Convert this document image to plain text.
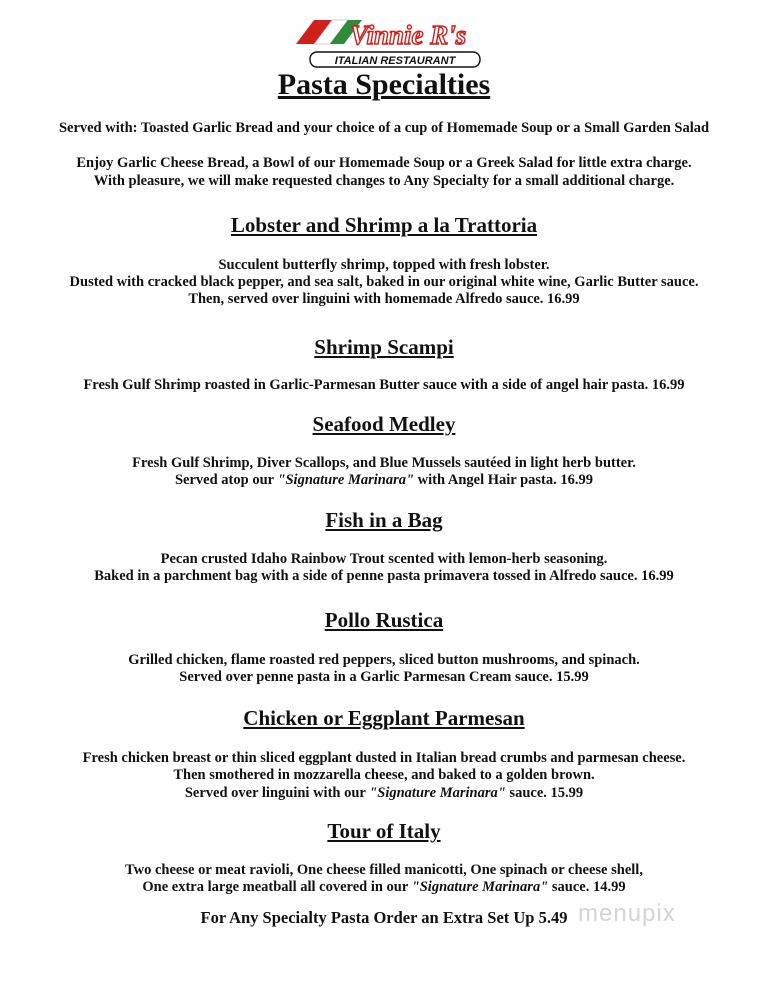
Vinnie R's
ITALIAN RESTAURANT
Pasta Specialties
Served with: Toasted Garlic Bread and your choice of a cup of Homemade Soup or a Small Garden Salad
Enjoy Garlic Cheese Bread, a Bowl of our Homemade Soup or a Greek Salad for little extra charge.
With pleasure, we will make requested changes to Any Specialty for a small additional charge.
Lobster and Shrimp a la Trattoria
Succulent butterfly shrimp, topped with fresh lobster.
Dusted with cracked black pepper, and sea salt, baked in our original white wine, Garlic Butter sauce.
Then, served over linguini with homemade Alfredo sauce. 16.99
Shrimp Scampi
Fresh Gulf Shrimp roasted in Garlic-Parmesan Butter sauce with a side of angel hair pasta. 16.99
Seafood Medley
Fresh Gulf Shrimp, Diver Scallops, and Blue Mussels sautéed in light herb butter.
Served atop our "Signature Marinara" with Angel Hair pasta. 16.99
Fish in a Bag
Pecan crusted Idaho Rainbow Trout scented with lemon-herb seasoning.
Baked in a parchment bag with a side of penne pasta primavera tossed in Alfredo sauce. 16.99
Pollo Rustica
Grilled chicken, flame roasted red peppers, sliced button mushrooms, and spinach.
Served over penne pasta in a Garlic Parmesan Cream sauce. 15.99
Chicken or Eggplant Parmesan
Fresh chicken breast or thin sliced eggplant dusted in Italian bread crumbs and parmesan cheese.
Then smothered in mozzarella cheese, and baked to a golden brown.
Served over linguini with our "Signature Marinara" sauce. 15.99
Tour of Italy
Two cheese or meat ravioli, One cheese filled manicotti, One spinach or cheese shell,
One extra large meatball all covered in our "Signature Marinara" sauce. 14.99
menupix
For Any Specialty Pasta Order an Extra Set Up 5.49
